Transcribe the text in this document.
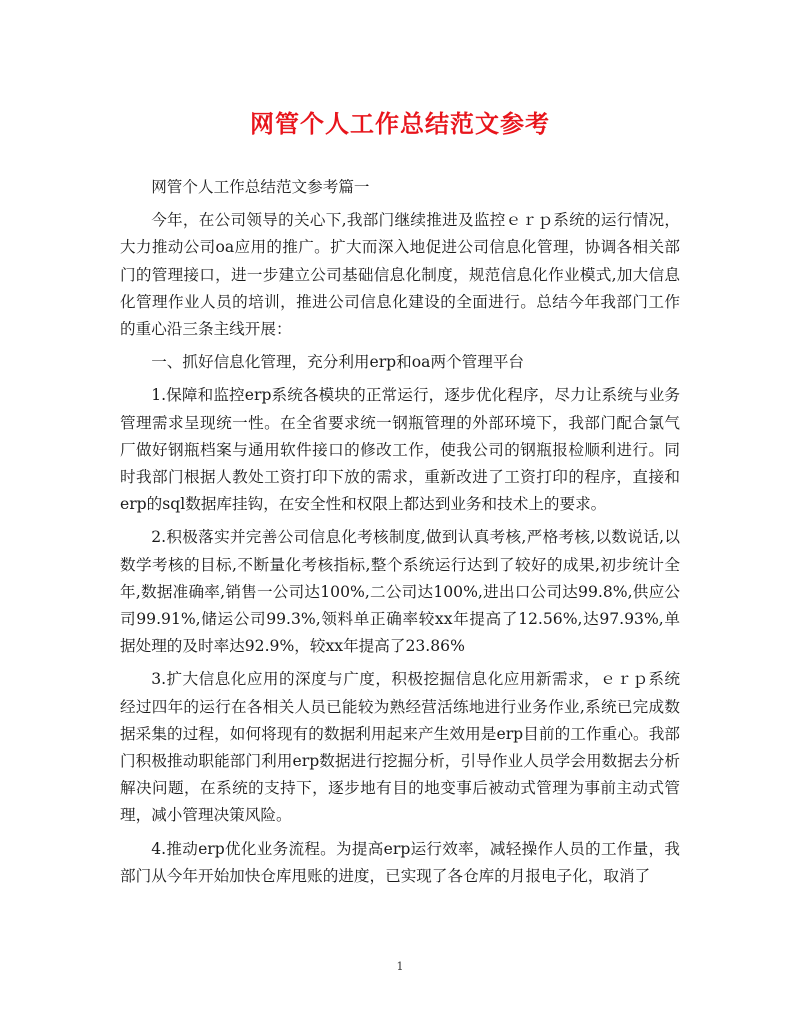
网管个人工作总结范文参考

网管个人工作总结范文参考篇一

今年，在公司领导的关心下,我部门继续推进及监控ｅｒｐ系统的运行情况，大力推动公司oa应用的推广。扩大而深入地促进公司信息化管理，协调各相关部门的管理接口，进一步建立公司基础信息化制度，规范信息化作业模式,加大信息化管理作业人员的培训，推进公司信息化建设的全面进行。总结今年我部门工作的重心沿三条主线开展：

一、抓好信息化管理，充分利用erp和oa两个管理平台

1.保障和监控erp系统各模块的正常运行，逐步优化程序，尽力让系统与业务管理需求呈现统一性。在全省要求统一钢瓶管理的外部环境下，我部门配合氯气厂做好钢瓶档案与通用软件接口的修改工作，使我公司的钢瓶报检顺利进行。同时我部门根据人教处工资打印下放的需求，重新改进了工资打印的程序，直接和erp的sql数据库挂钩，在安全性和权限上都达到业务和技术上的要求。

2.积极落实并完善公司信息化考核制度,做到认真考核,严格考核,以数说话,以数学考核的目标,不断量化考核指标,整个系统运行达到了较好的成果,初步统计全年,数据准确率,销售一公司达100%,二公司达100%,进出口公司达99.8%,供应公司99.91%,储运公司99.3%,领料单正确率较xx年提高了12.56%,达97.93%,单据处理的及时率达92.9%，较xx年提高了23.86%

3.扩大信息化应用的深度与广度，积极挖掘信息化应用新需求，ｅｒｐ系统经过四年的运行在各相关人员已能较为熟经营活练地进行业务作业,系统已完成数据采集的过程，如何将现有的数据利用起来产生效用是erp目前的工作重心。我部门积极推动职能部门利用erp数据进行挖掘分析，引导作业人员学会用数据去分析解决问题，在系统的支持下，逐步地有目的地变事后被动式管理为事前主动式管理，减小管理决策风险。

4.推动erp优化业务流程。为提高erp运行效率，减轻操作人员的工作量，我部门从今年开始加快仓库甩账的进度，已实现了各仓库的月报电子化，取消了

1
